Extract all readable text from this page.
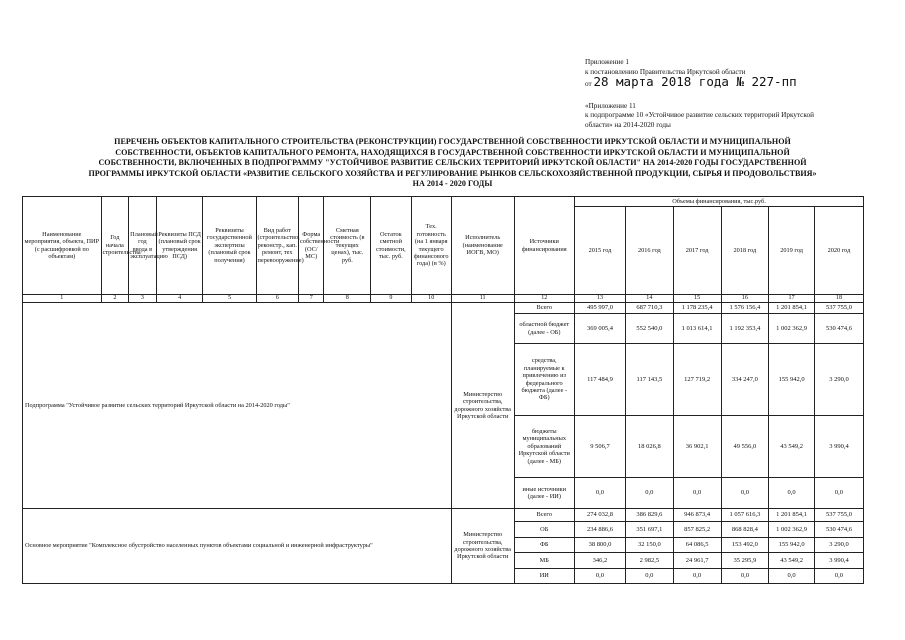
Приложение 1
к постановлению Правительства Иркутской области
от 28 марта 2018 года № 227-пп
«Приложение 11
к подпрограмме 10 «Устойчивое развитие сельских территорий Иркутской
области» на 2014-2020 годы
ПЕРЕЧЕНЬ ОБЪЕКТОВ КАПИТАЛЬНОГО СТРОИТЕЛЬСТВА (РЕКОНСТРУКЦИИ) ГОСУДАРСТВЕННОЙ СОБСТВЕННОСТИ ИРКУТСКОЙ ОБЛАСТИ И МУНИЦИПАЛЬНОЙ
СОБСТВЕННОСТИ, ОБЪЕКТОВ КАПИТАЛЬНОГО РЕМОНТА, НАХОДЯЩИХСЯ В ГОСУДАРСТВЕННОЙ СОБСТВЕННОСТИ ИРКУТСКОЙ ОБЛАСТИ И МУНИЦИПАЛЬНОЙ
СОБСТВЕННОСТИ, ВКЛЮЧЕННЫХ В ПОДПРОГРАММУ "УСТОЙЧИВОЕ РАЗВИТИЕ СЕЛЬСКИХ ТЕРРИТОРИЙ ИРКУТСКОЙ ОБЛАСТИ" НА 2014-2020 ГОДЫ ГОСУДАРСТВЕННОЙ
ПРОГРАММЫ ИРКУТСКОЙ ОБЛАСТИ «РАЗВИТИЕ СЕЛЬСКОГО ХОЗЯЙСТВА И РЕГУЛИРОВАНИЕ РЫНКОВ СЕЛЬСКОХОЗЯЙСТВЕННОЙ ПРОДУКЦИИ, СЫРЬЯ И ПРОДОВОЛЬСТВИЯ»
НА 2014 - 2020 ГОДЫ
Наименование мероприятия, объекта, ПИР (с расшифровкой по объектам)	Год начала строительства	Плановый год ввода в эксплуатацию	Реквизиты ПСД (плановый срок утверждения ПСД)	Реквизиты государственной экспертизы (плановый срок получения)	Вид работ (строительство, реконстр., кап. ремонт, тех перевооружение)	Форма собственности (ОС/МС)	Сметная стоимость (в текущих ценах), тыс. руб.	Остаток сметной стоимости, тыс. руб.	Тех. готовность (на 1 января текущего финансового года) (в %)	Исполнитель (наименование ИОГВ, МО)	Источники финансирования	Объемы финансирования, тыс.руб.					
												2015 год	2016 год	2017 год	2018 год	2019 год	2020 год
1	2	3	4	5	6	7	8	9	10	11	12	13	14	15	16	17	18
Подпрограмма "Устойчивое развитие сельских территорий Иркутской области на 2014-2020 годы"										Министерство строительства, дорожного хозяйства Иркутской области	Всего	495 997,0	687 710,3	1 178 235,4	1 576 156,4	1 201 854,1	537 755,0
											областной бюджет (далее - ОБ)	369 005,4	552 540,0	1 013 614,1	1 192 353,4	1 002 362,9	530 474,6
											средства, планируемые к привлечению из федерального бюджета (далее - ФБ)	117 484,9	117 143,5	127 719,2	334 247,0	155 942,0	3 290,0
											бюджеты муниципальных образований Иркутской области (далее - МБ)	9 506,7	18 026,8	36 902,1	49 556,0	43 549,2	3 990,4
											иные источники (далее - ИИ)	0,0	0,0	0,0	0,0	0,0	0,0
Основное мероприятие "Комплексное обустройство населенных пунктов объектами социальной и инженерной инфраструктуры"										Министерство строительства, дорожного хозяйства Иркутской области	Всего	274 032,8	386 829,6	946 873,4	1 057 616,3	1 201 854,1	537 755,0
											ОБ	234 886,6	351 697,1	857 825,2	868 828,4	1 002 362,9	530 474,6
											ФБ	38 800,0	32 150,0	64 086,5	153 492,0	155 942,0	3 290,0
											МБ	346,2	2 982,5	24 961,7	35 295,9	43 549,2	3 990,4
											ИИ	0,0	0,0	0,0	0,0	0,0	0,0
